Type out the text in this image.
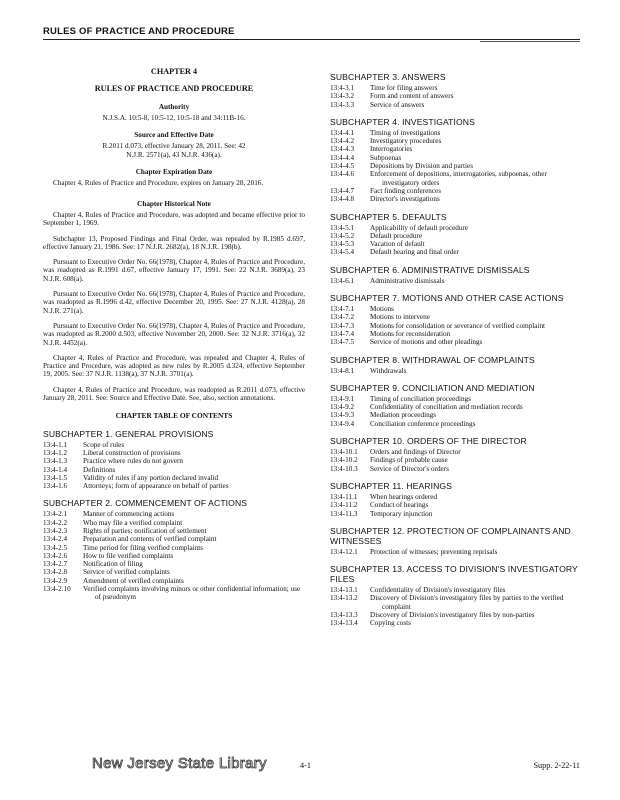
RULES OF PRACTICE AND PROCEDURE
CHAPTER 4
RULES OF PRACTICE AND PROCEDURE
Authority

N.J.S.A. 10:5-8, 10:5-12, 10:5-18 and 34:11B-16.

Source and Effective Date

R.2011 d.073, effective January 28, 2011. See: 42 N.J.R. 2571(a), 43 N.J.R. 436(a).

Chapter Expiration Date

Chapter 4, Rules of Practice and Procedure, expires on January 28, 2016.

Chapter Historical Note

Chapter 4, Rules of Practice and Procedure, was adopted and became effective prior to September 1, 1969.

Subchapter 13, Proposed Findings and Final Order, was repealed by R.1985 d.697, effective January 21, 1986. See: 17 N.J.R. 2682(a), 18 N.J.R. 198(b).

Pursuant to Executive Order No. 66(1978), Chapter 4, Rules of Practice and Procedure, was readopted as R.1991 d.67, effective January 17, 1991. See: 22 N.J.R. 3689(a), 23 N.J.R. 608(a).

Pursuant to Executive Order No. 66(1978), Chapter 4, Rules of Practice and Procedure, was readopted as R.1996 d.42, effective December 20, 1995. See: 27 N.J.R. 4128(a), 28 N.J.R. 271(a).

Pursuant to Executive Order No. 66(1978), Chapter 4, Rules of Practice and Procedure, was readopted as R.2000 d.503, effective November 20, 2000. See: 32 N.J.R. 3716(a), 32 N.J.R. 4452(a).

Chapter 4, Rules of Practice and Procedure, was repealed and Chapter 4, Rules of Practice and Procedure, was adopted as new rules by R.2005 d.324, effective September 19, 2005. See: 37 N.J.R. 1138(a), 37 N.J.R. 3701(a).

Chapter 4, Rules of Practice and Procedure, was readopted as R.2011 d.073, effective January 28, 2011. See: Source and Effective Date. See, also, section annotations.

CHAPTER TABLE OF CONTENTS
SUBCHAPTER 1. GENERAL PROVISIONS
13:4-1.1	Scope of rules
13:4-1.2	Liberal construction of provisions
13:4-1.3	Practice where rules do not govern
13:4-1.4	Definitions
13:4-1.5	Validity of rules if any portion declared invalid
13:4-1.6	Attorneys; form of appearance on behalf of parties
SUBCHAPTER 2. COMMENCEMENT OF ACTIONS
13:4-2.1	Manner of commencing actions
13:4-2.2	Who may file a verified complaint
13:4-2.3	Rights of parties; notification of settlement
13:4-2.4	Preparation and contents of verified complaint
13:4-2.5	Time period for filing verified complaints
13:4-2.6	How to file verified complaints
13:4-2.7	Notification of filing
13:4-2.8	Service of verified complaints
13:4-2.9	Amendment of verified complaints
13:4-2.10	Verified complaints involving minors or other confidential information; use of pseudonym
SUBCHAPTER 3. ANSWERS
13:4-3.1	Time for filing answers
13:4-3.2	Form and content of answers
13:4-3.3	Service of answers
SUBCHAPTER 4. INVESTIGATIONS
13:4-4.1	Timing of investigations
13:4-4.2	Investigatory procedures
13:4-4.3	Interrogatories
13:4-4.4	Subpoenas
13:4-4.5	Depositions by Division and parties
13:4-4.6	Enforcement of depositions, interrogatories, subpoenas, other investigatory orders
13:4-4.7	Fact finding conferences
13:4-4.8	Director's investigations
SUBCHAPTER 5. DEFAULTS
13:4-5.1	Applicability of default procedure
13:4-5.2	Default procedure
13:4-5.3	Vacation of default
13:4-5.4	Default hearing and final order
SUBCHAPTER 6. ADMINISTRATIVE DISMISSALS
13:4-6.1	Administrative dismissals
SUBCHAPTER 7. MOTIONS AND OTHER CASE ACTIONS
13:4-7.1	Motions
13:4-7.2	Motions to intervene
13:4-7.3	Motions for consolidation or severance of verified complaint
13:4-7.4	Motions for reconsideration
13:4-7.5	Service of motions and other pleadings
SUBCHAPTER 8. WITHDRAWAL OF COMPLAINTS
13:4-8.1	Withdrawals
SUBCHAPTER 9. CONCILIATION AND MEDIATION
13:4-9.1	Timing of conciliation proceedings
13:4-9.2	Confidentiality of conciliation and mediation records
13:4-9.3	Mediation proceedings
13:4-9.4	Conciliation conference proceedings
SUBCHAPTER 10. ORDERS OF THE DIRECTOR
13:4-10.1	Orders and findings of Director
13:4-10.2	Findings of probable cause
13:4-10.3	Service of Director's orders
SUBCHAPTER 11. HEARINGS
13:4-11.1	When hearings ordered
13:4-11.2	Conduct of hearings
13:4-11.3	Temporary injunction
SUBCHAPTER 12. PROTECTION OF COMPLAINANTS AND WITNESSES
13:4-12.1	Protection of witnesses; preventing reprisals
SUBCHAPTER 13. ACCESS TO DIVISION'S INVESTIGATORY FILES
13:4-13.1	Confidentiality of Division's investigatory files
13:4-13.2	Discovery of Division's investigatory files by parties to the verified complaint
13:4-13.3	Discovery of Division's investigatory files by non-parties
13:4-13.4	Copying costs
New Jersey State Library	4-1	Supp. 2-22-11
